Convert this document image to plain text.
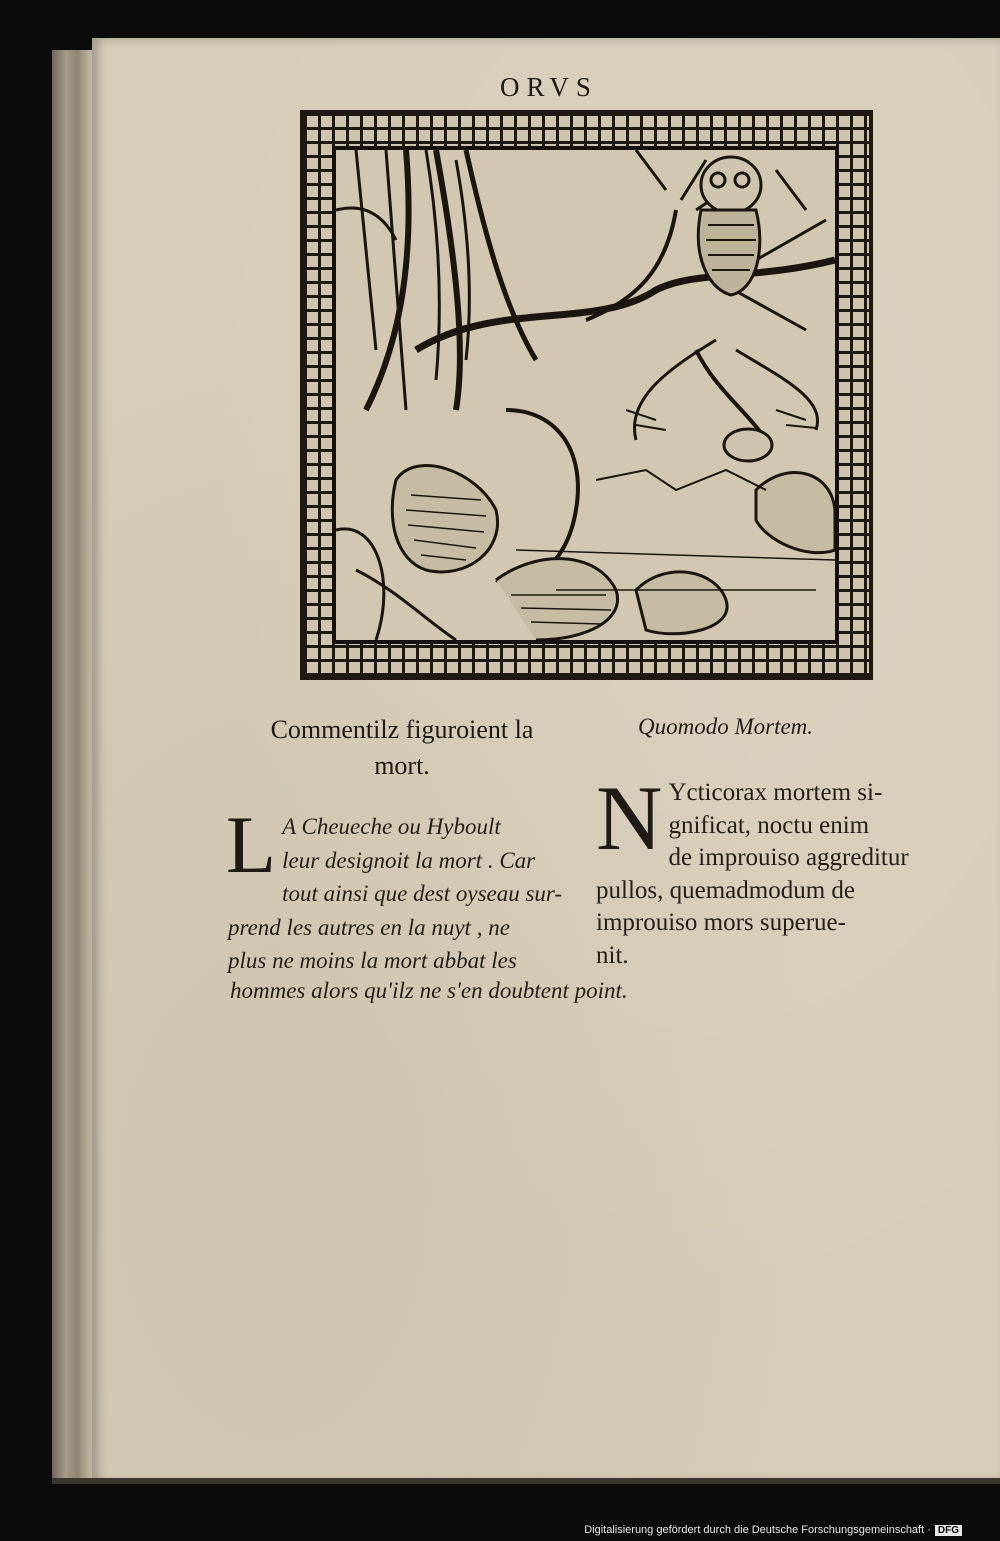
ORVS
Commentilz figuroient la
mort.
L A Cheueche ou Hyboult
leur designoit la mort . Car
tout ainsi que dest oyseau sur-
prend les autres en la nuyt , ne
plus ne moins la mort abbat les
hommes alors qu'ilz ne s'en doubtent point.
Quomodo Mortem.
N Ycticorax mortem si-
gnificat, noctu enim
de improuiso aggreditur
pullos, quemadmodum de
improuiso mors superue-
nit.
Digitalisierung gefördert durch die Deutsche Forschungsgemeinschaft · DFG
